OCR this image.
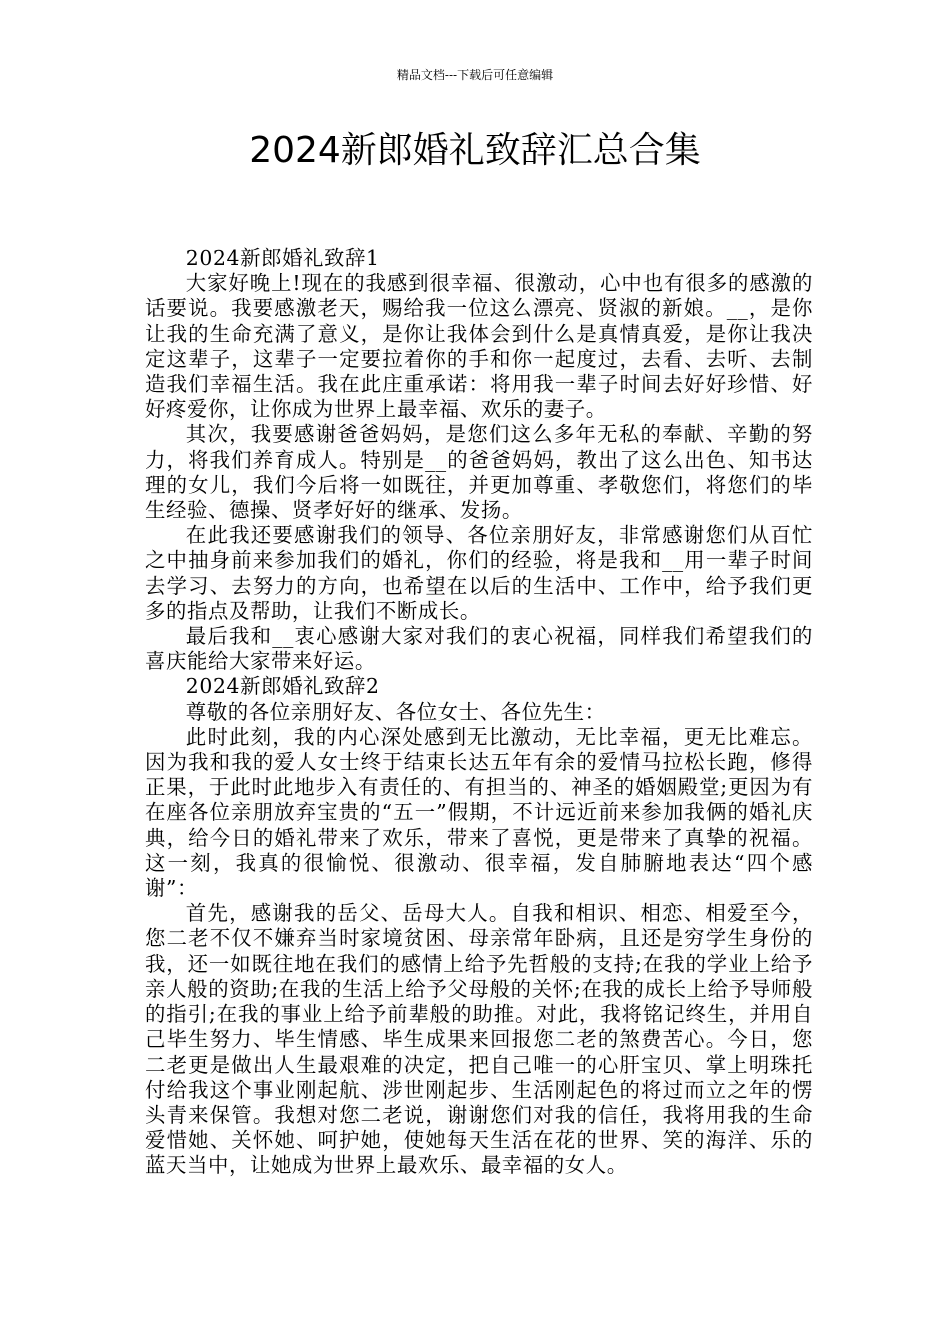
精品文档---下载后可任意编辑
2024新郎婚礼致辞汇总合集

2024新郎婚礼致辞1

大家好晚上!现在的我感到很幸福、很激动，心中也有很多的感激的话要说。我要感激老天，赐给我一位这么漂亮、贤淑的新娘。__，是你让我的生命充满了意义，是你让我体会到什么是真情真爱，是你让我决定这辈子，这辈子一定要拉着你的手和你一起度过，去看、去听、去制造我们幸福生活。我在此庄重承诺：将用我一辈子时间去好好珍惜、好好疼爱你，让你成为世界上最幸福、欢乐的妻子。

其次，我要感谢爸爸妈妈，是您们这么多年无私的奉献、辛勤的努力，将我们养育成人。特别是__的爸爸妈妈，教出了这么出色、知书达理的女儿，我们今后将一如既往，并更加尊重、孝敬您们，将您们的毕生经验、德操、贤孝好好的继承、发扬。

在此我还要感谢我们的领导、各位亲朋好友，非常感谢您们从百忙之中抽身前来参加我们的婚礼，你们的经验，将是我和__用一辈子时间去学习、去努力的方向，也希望在以后的生活中、工作中，给予我们更多的指点及帮助，让我们不断成长。

最后我和__衷心感谢大家对我们的衷心祝福，同样我们希望我们的喜庆能给大家带来好运。

2024新郎婚礼致辞2

尊敬的各位亲朋好友、各位女士、各位先生：

此时此刻，我的内心深处感到无比激动，无比幸福，更无比难忘。因为我和我的爱人女士终于结束长达五年有余的爱情马拉松长跑，修得正果，于此时此地步入有责任的、有担当的、神圣的婚姻殿堂;更因为有在座各位亲朋放弃宝贵的“五一”假期，不计远近前来参加我俩的婚礼庆典，给今日的婚礼带来了欢乐，带来了喜悦，更是带来了真挚的祝福。这一刻，我真的很愉悦、很激动、很幸福，发自肺腑地表达“四个感谢”：

首先，感谢我的岳父、岳母大人。自我和相识、相恋、相爱至今，您二老不仅不嫌弃当时家境贫困、母亲常年卧病，且还是穷学生身份的我，还一如既往地在我们的感情上给予先哲般的支持;在我的学业上给予亲人般的资助;在我的生活上给予父母般的关怀;在我的成长上给予导师般的指引;在我的事业上给予前辈般的助推。对此，我将铭记终生，并用自己毕生努力、毕生情感、毕生成果来回报您二老的煞费苦心。今日，您二老更是做出人生最艰难的决定，把自己唯一的心肝宝贝、掌上明珠托付给我这个事业刚起航、涉世刚起步、生活刚起色的将过而立之年的愣头青来保管。我想对您二老说，谢谢您们对我的信任，我将用我的生命爱惜她、关怀她、呵护她，使她每天生活在花的世界、笑的海洋、乐的蓝天当中，让她成为世界上最欢乐、最幸福的女人。
